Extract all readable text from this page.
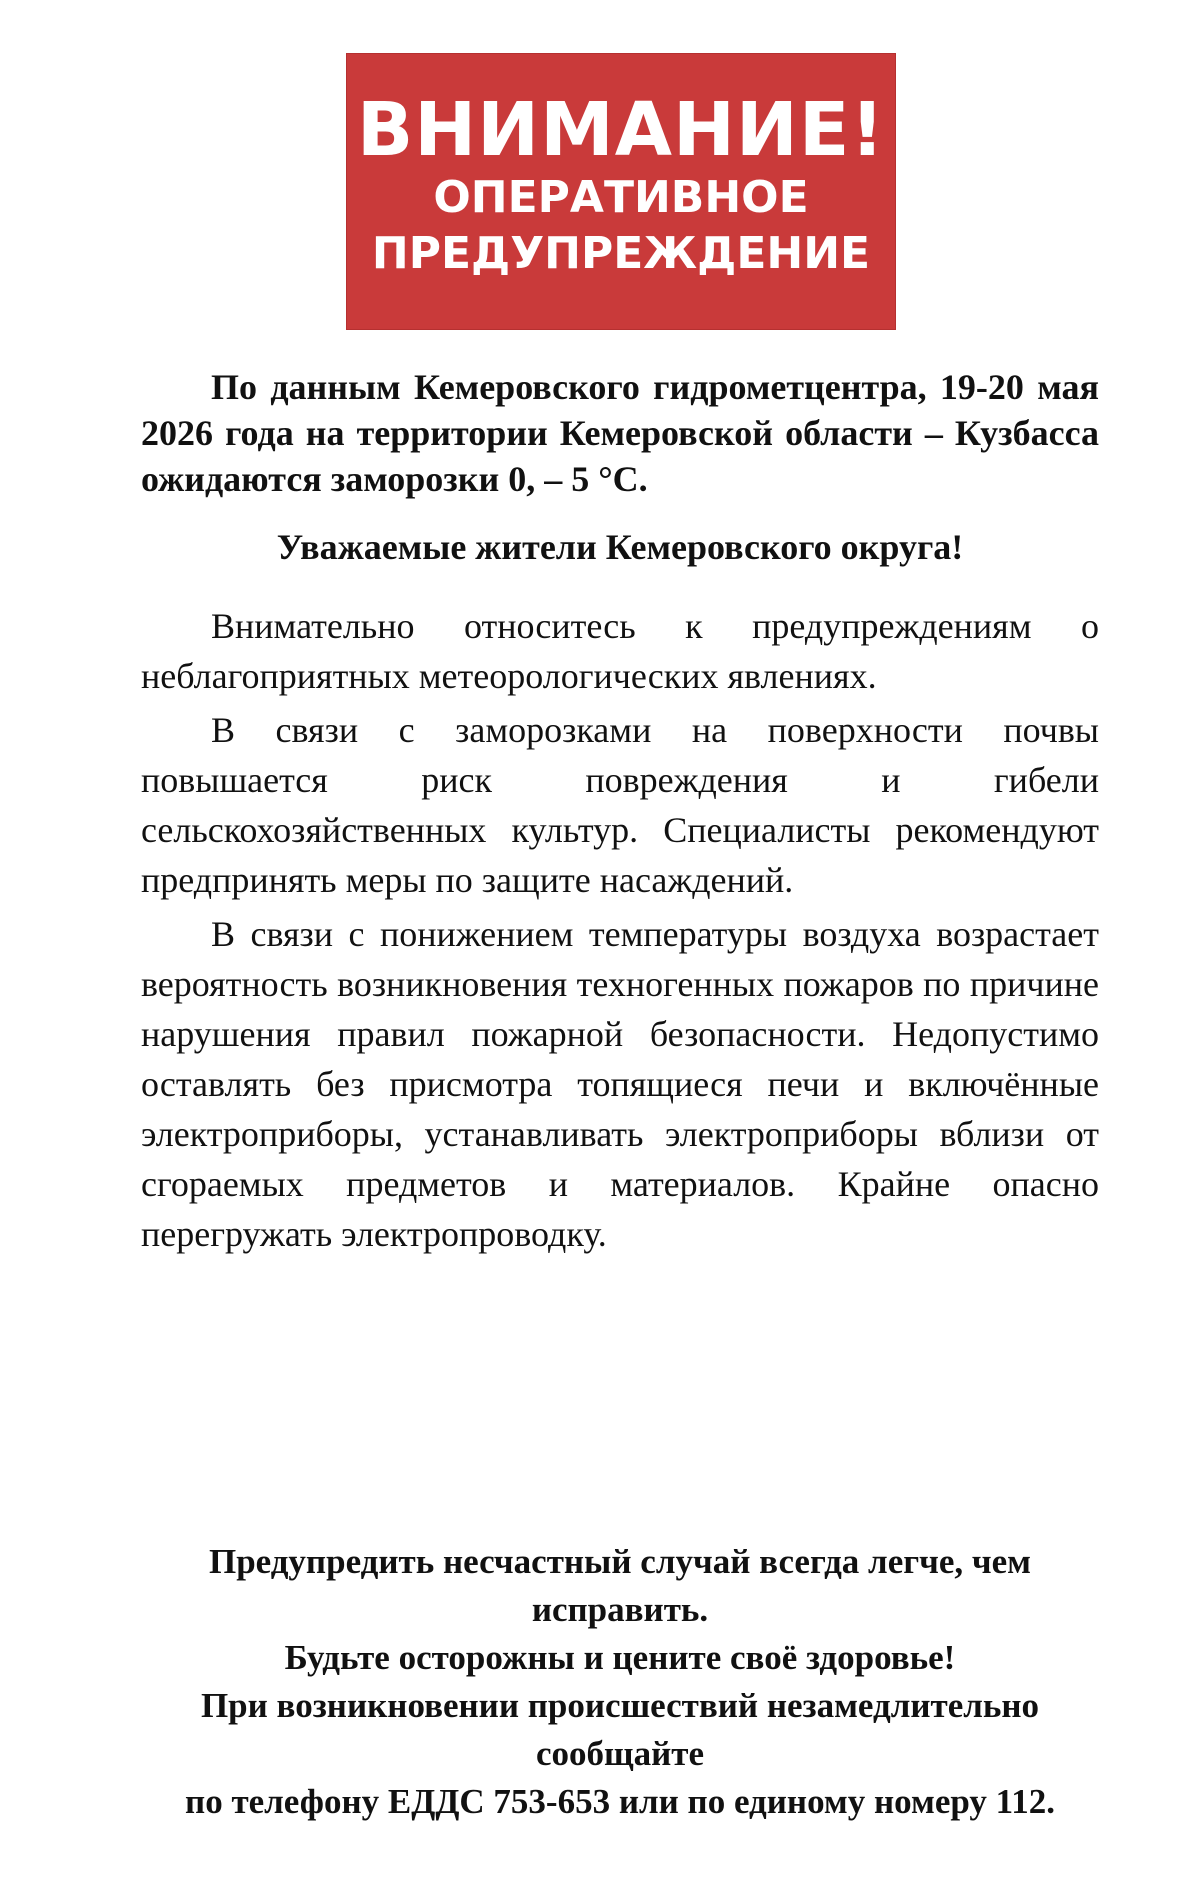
ВНИМАНИЕ!
ОПЕРАТИВНОЕ
ПРЕДУПРЕЖДЕНИЕ
По данным Кемеровского гидрометцентра, 19-20 мая 2026 года на территории Кемеровской области – Кузбасса ожидаются заморозки 0, – 5 °С.
Уважаемые жители Кемеровского округа!

Внимательно относитесь к предупреждениям о неблагоприятных метеорологических явлениях.

В связи с заморозками на поверхности почвы повышается риск повреждения и гибели сельскохозяйственных культур. Специалисты рекомендуют предпринять меры по защите насаждений.

В связи с понижением температуры воздуха возрастает вероятность возникновения техногенных пожаров по причине нарушения правил пожарной безопасности. Недопустимо оставлять без присмотра топящиеся печи и включённые электроприборы, устанавливать электроприборы вблизи от сгораемых предметов и материалов. Крайне опасно перегружать электропроводку.

Предупредить несчастный случай всегда легче, чем исправить.

Будьте осторожны и цените своё здоровье!

При возникновении происшествий незамедлительно сообщайте

по телефону ЕДДС 753-653 или по единому номеру 112.
